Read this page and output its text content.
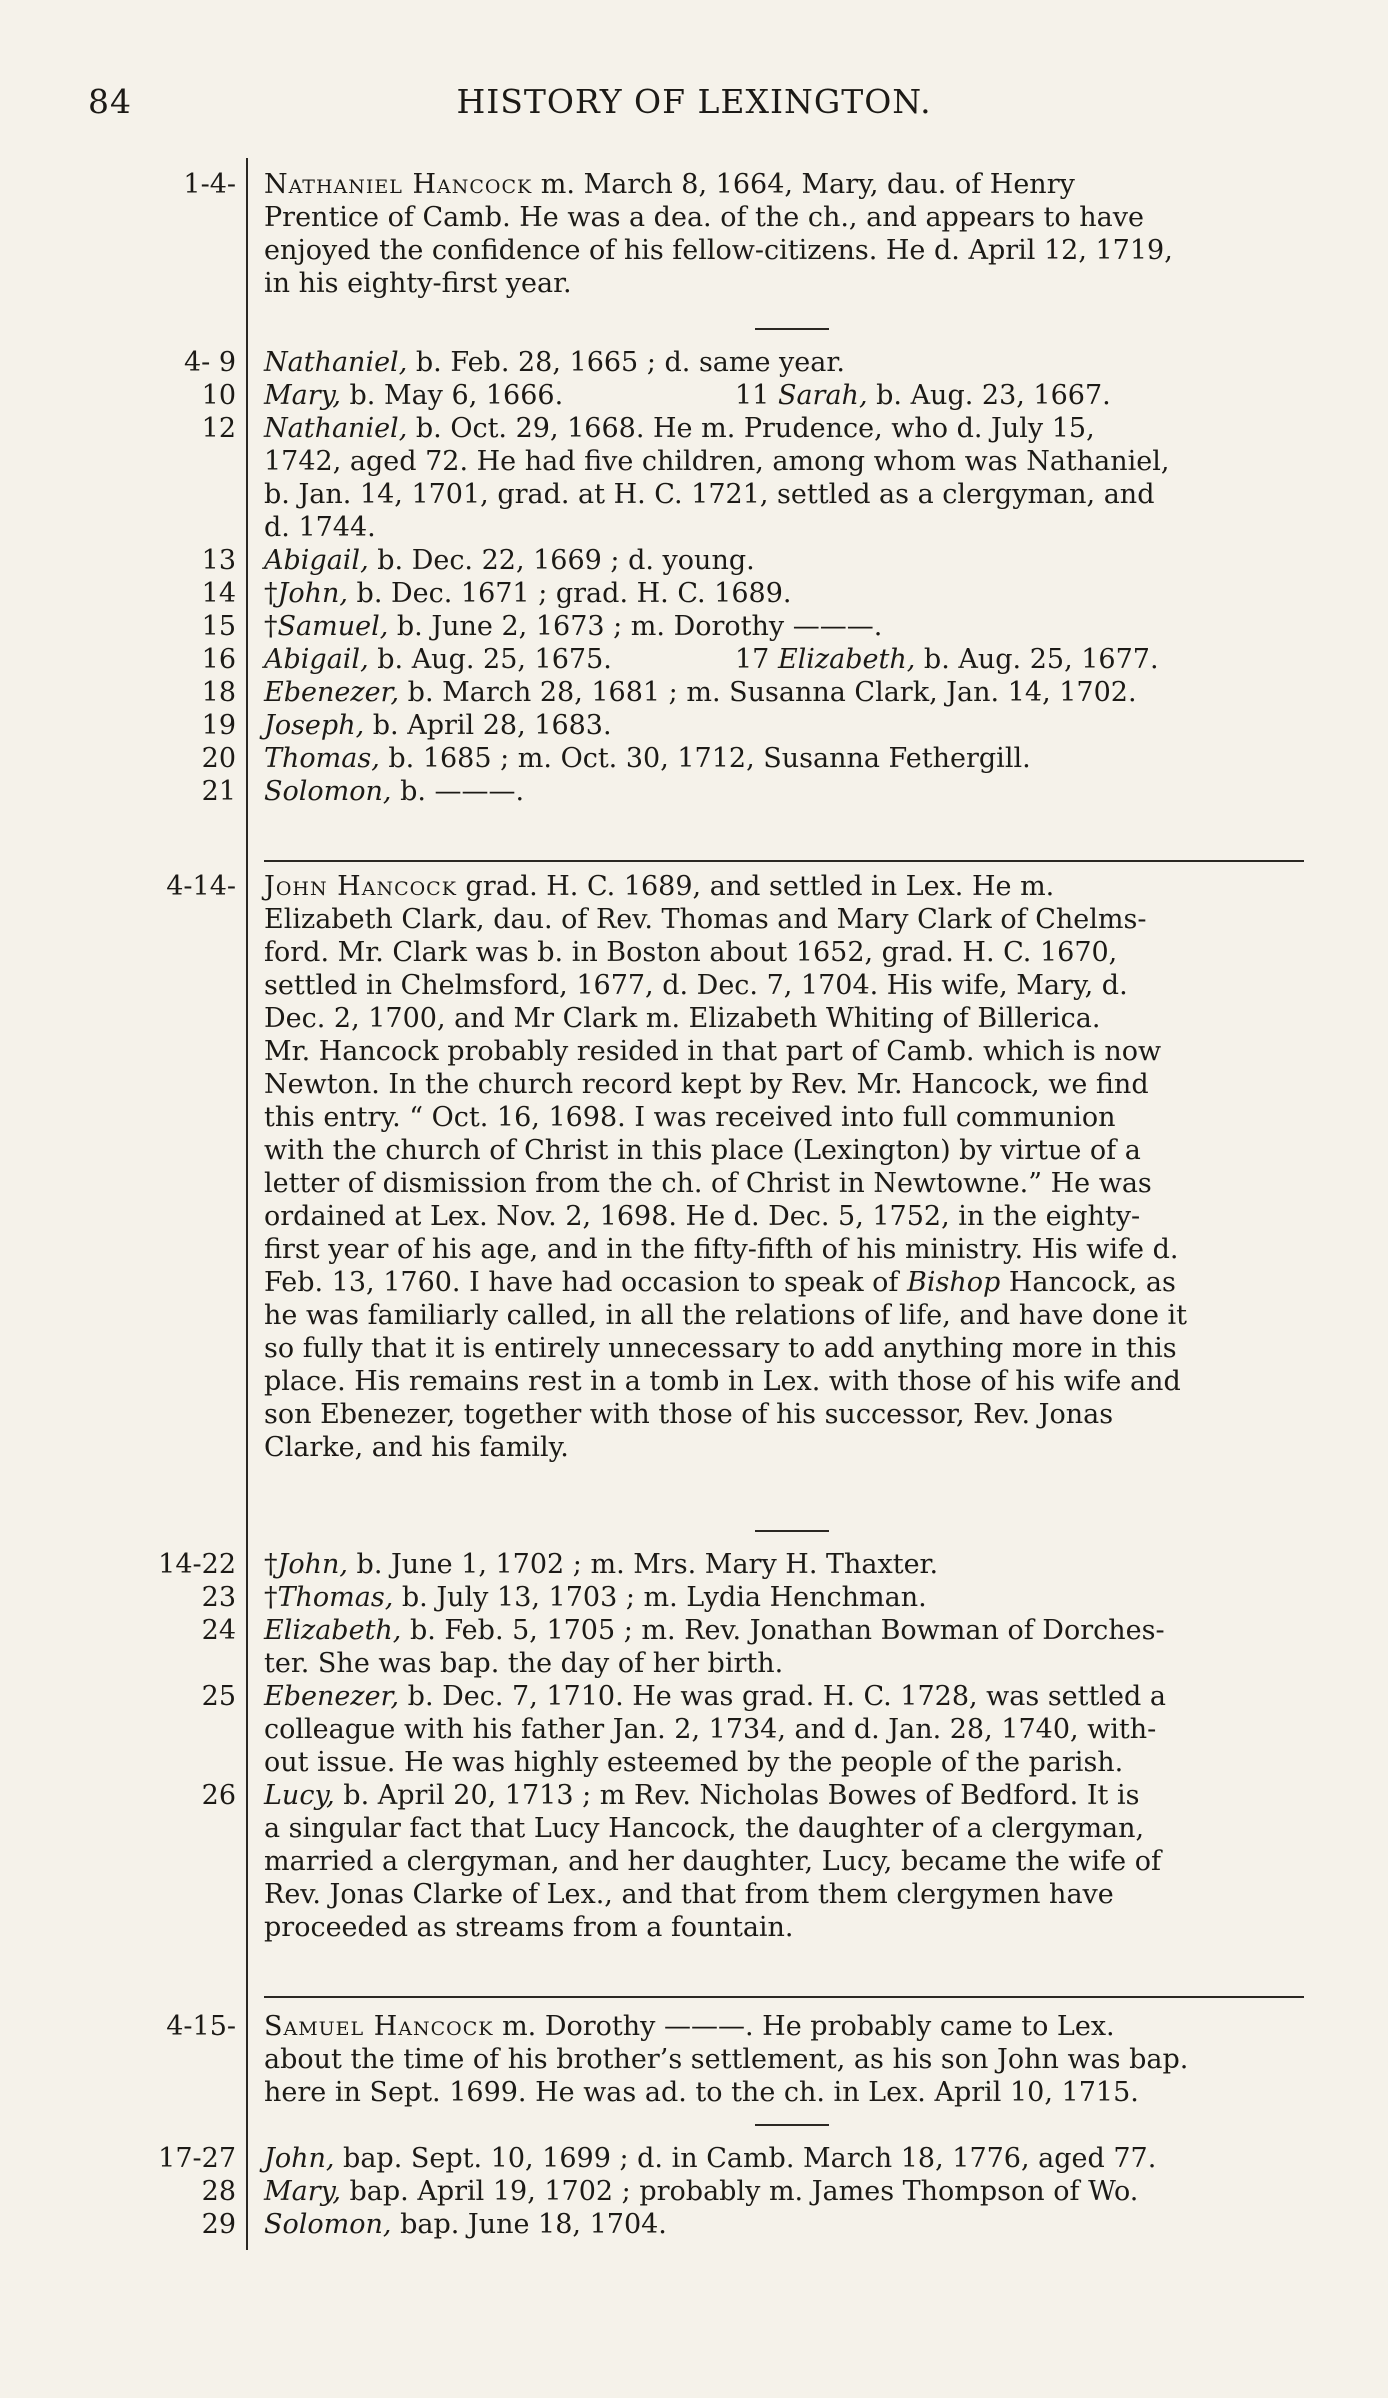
84	HISTORY OF LEXINGTON.
1-4- Nathaniel Hancock m. March 8, 1664, Mary, dau. of Henry
Prentice of Camb. He was a dea. of the ch., and appears to have
enjoyed the confidence of his fellow-citizens. He d. April 12, 1719,
in his eighty-first year.
4- 9 Nathaniel, b. Feb. 28, 1665 ; d. same year.
10 Mary, b. May 6, 1666.	11 Sarah, b. Aug. 23, 1667.
12 Nathaniel, b. Oct. 29, 1668. He m. Prudence, who d. July 15,
1742, aged 72. He had five children, among whom was Nathaniel,
b. Jan. 14, 1701, grad. at H. C. 1721, settled as a clergyman, and
d. 1744.
13 Abigail, b. Dec. 22, 1669 ; d. young.
14 †John, b. Dec. 1671 ; grad. H. C. 1689.
15 †Samuel, b. June 2, 1673 ; m. Dorothy ———.
16 Abigail, b. Aug. 25, 1675.	17 Elizabeth, b. Aug. 25, 1677.
18 Ebenezer, b. March 28, 1681 ; m. Susanna Clark, Jan. 14, 1702.
19 Joseph, b. April 28, 1683.
20 Thomas, b. 1685 ; m. Oct. 30, 1712, Susanna Fethergill.
21 Solomon, b. ———.
4-14- John Hancock grad. H. C. 1689, and settled in Lex. He m.
Elizabeth Clark, dau. of Rev. Thomas and Mary Clark of Chelms-
ford. Mr. Clark was b. in Boston about 1652, grad. H. C. 1670,
settled in Chelmsford, 1677, d. Dec. 7, 1704. His wife, Mary, d.
Dec. 2, 1700, and Mr Clark m. Elizabeth Whiting of Billerica.
Mr. Hancock probably resided in that part of Camb. which is now
Newton. In the church record kept by Rev. Mr. Hancock, we find
this entry. “ Oct. 16, 1698. I was received into full communion
with the church of Christ in this place (Lexington) by virtue of a
letter of dismission from the ch. of Christ in Newtowne.” He was
ordained at Lex. Nov. 2, 1698. He d. Dec. 5, 1752, in the eighty-
first year of his age, and in the fifty-fifth of his ministry. His wife d.
Feb. 13, 1760. I have had occasion to speak of Bishop Hancock, as
he was familiarly called, in all the relations of life, and have done it
so fully that it is entirely unnecessary to add anything more in this
place. His remains rest in a tomb in Lex. with those of his wife and
son Ebenezer, together with those of his successor, Rev. Jonas
Clarke, and his family.
14-22 †John, b. June 1, 1702 ; m. Mrs. Mary H. Thaxter.
23 †Thomas, b. July 13, 1703 ; m. Lydia Henchman.
24 Elizabeth, b. Feb. 5, 1705 ; m. Rev. Jonathan Bowman of Dorches-
ter. She was bap. the day of her birth.
25 Ebenezer, b. Dec. 7, 1710. He was grad. H. C. 1728, was settled a
colleague with his father Jan. 2, 1734, and d. Jan. 28, 1740, with-
out issue. He was highly esteemed by the people of the parish.
26 Lucy, b. April 20, 1713 ; m Rev. Nicholas Bowes of Bedford. It is
a singular fact that Lucy Hancock, the daughter of a clergyman,
married a clergyman, and her daughter, Lucy, became the wife of
Rev. Jonas Clarke of Lex., and that from them clergymen have
proceeded as streams from a fountain.
4-15- Samuel Hancock m. Dorothy ———. He probably came to Lex.
about the time of his brother’s settlement, as his son John was bap.
here in Sept. 1699. He was ad. to the ch. in Lex. April 10, 1715.
17-27 John, bap. Sept. 10, 1699 ; d. in Camb. March 18, 1776, aged 77.
28 Mary, bap. April 19, 1702 ; probably m. James Thompson of Wo.
29 Solomon, bap. June 18, 1704.
